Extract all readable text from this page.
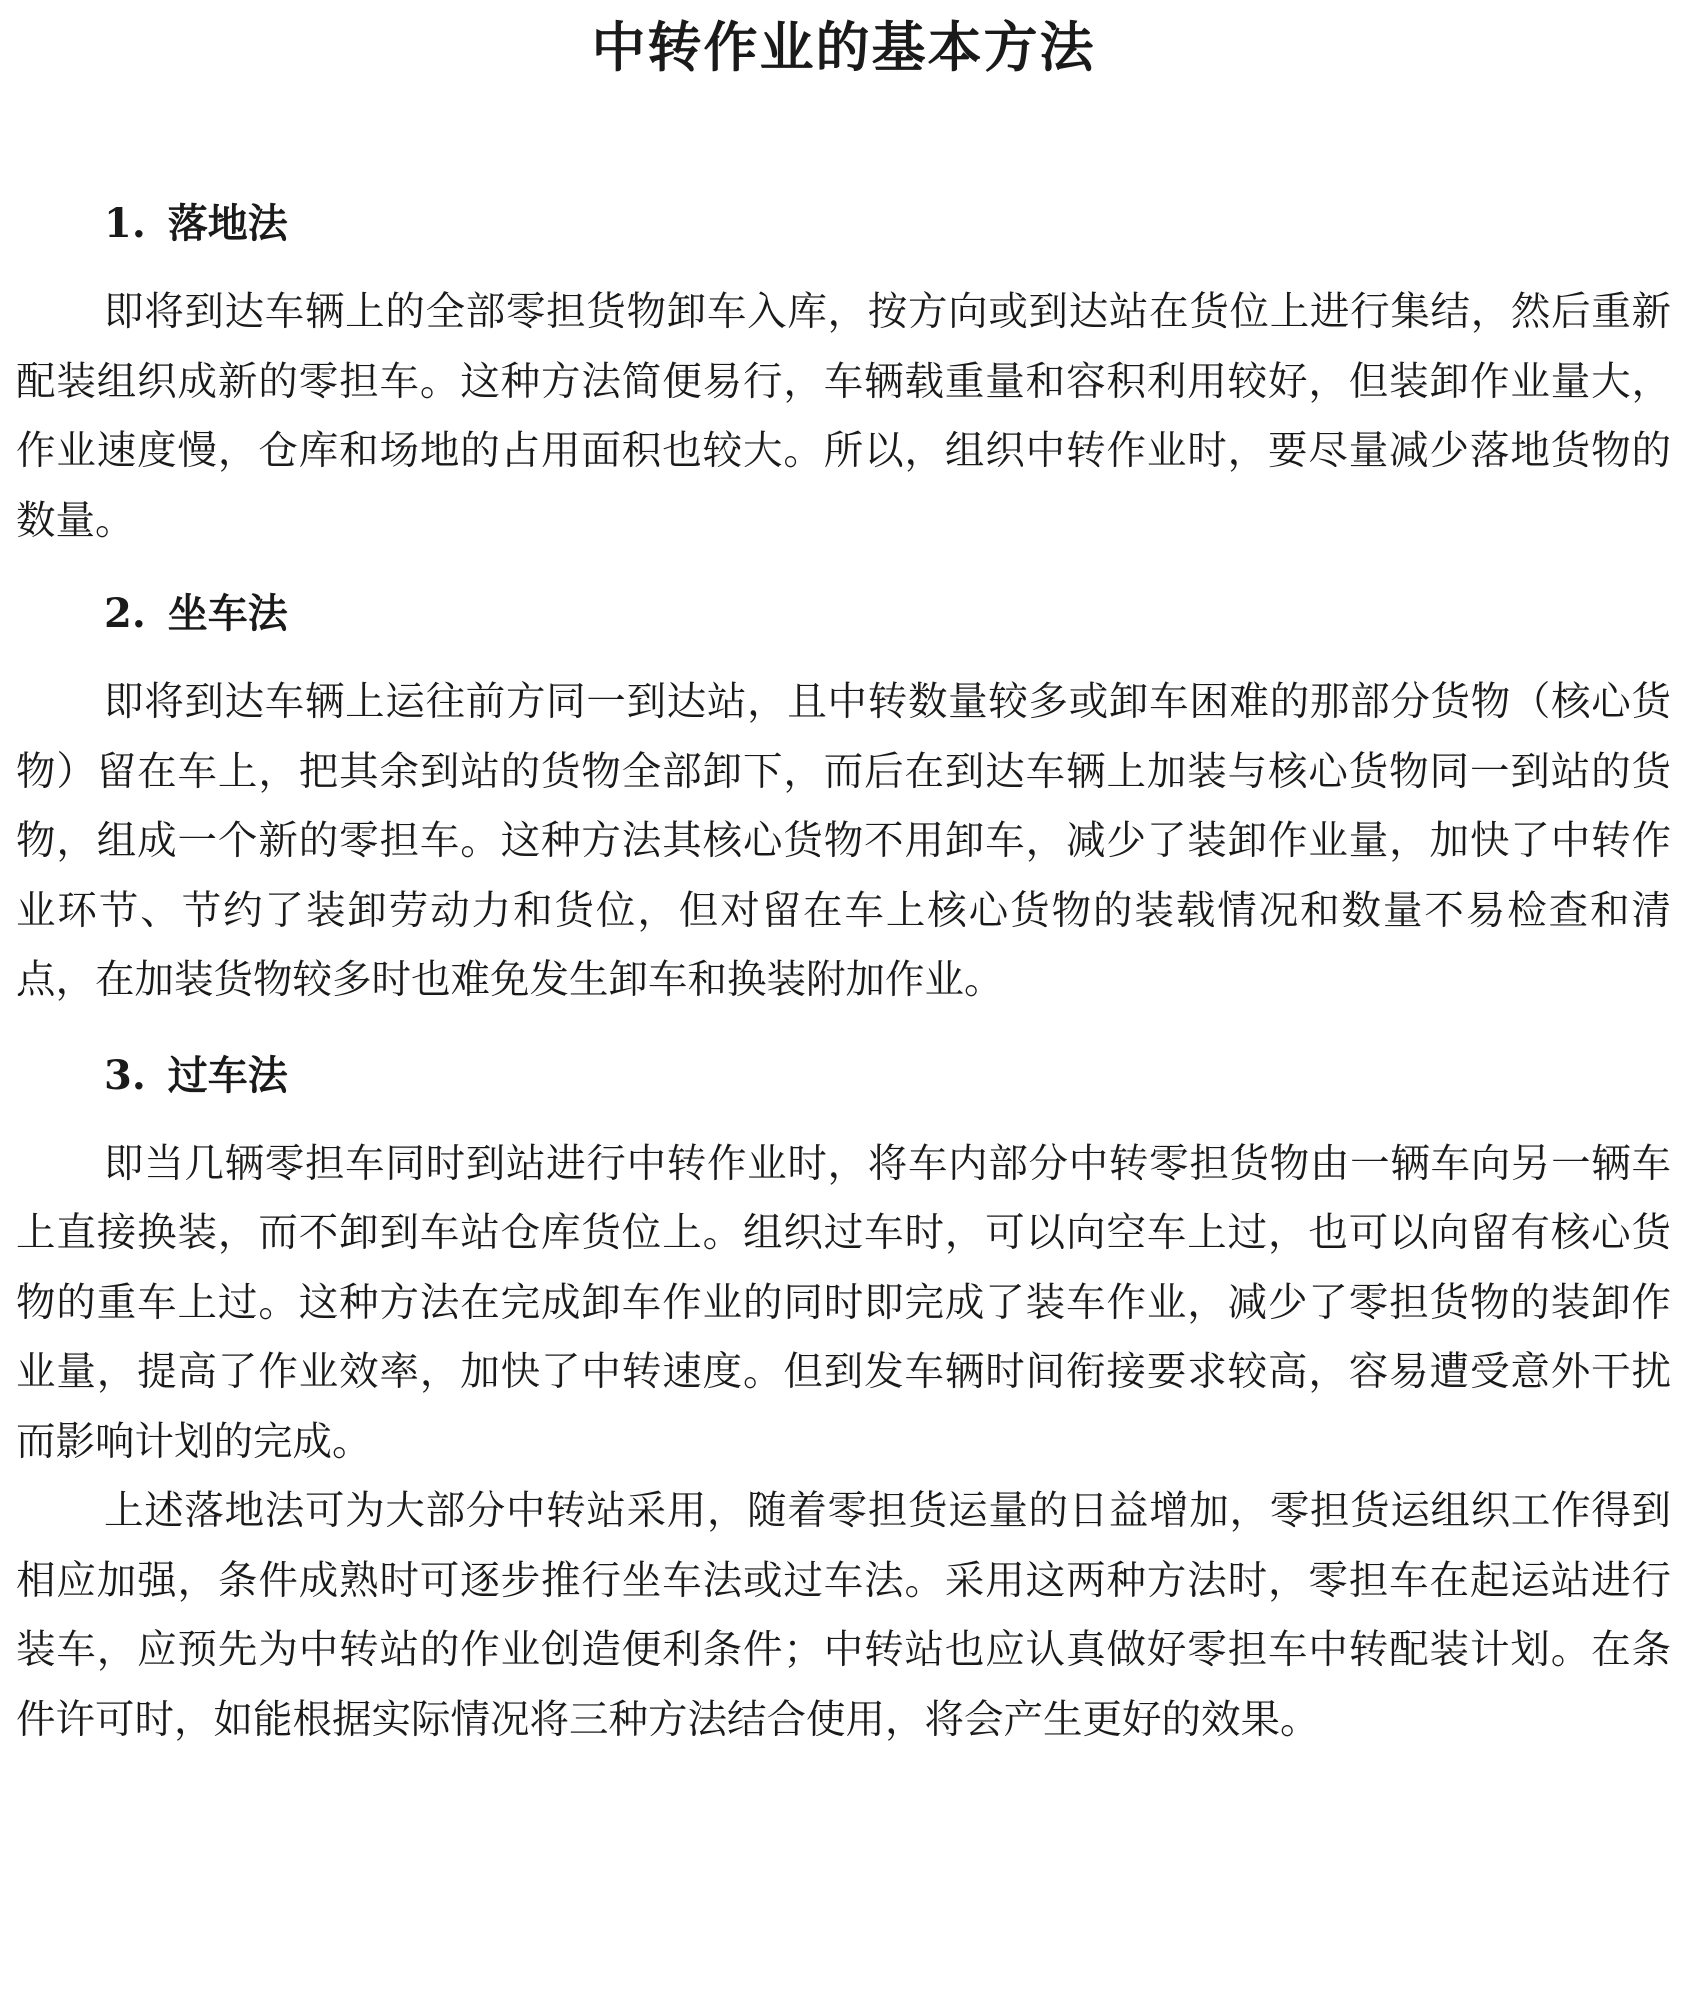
中转作业的基本方法
1. 落地法

即将到达车辆上的全部零担货物卸车入库，按方向或到达站在货位上进行集结，然后重新配装组织成新的零担车。这种方法简便易行，车辆载重量和容积利用较好，但装卸作业量大，作业速度慢，仓库和场地的占用面积也较大。所以，组织中转作业时，要尽量减少落地货物的数量。

2. 坐车法

即将到达车辆上运往前方同一到达站，且中转数量较多或卸车困难的那部分货物（核心货物）留在车上，把其余到站的货物全部卸下，而后在到达车辆上加装与核心货物同一到站的货物，组成一个新的零担车。这种方法其核心货物不用卸车，减少了装卸作业量，加快了中转作业环节、节约了装卸劳动力和货位，但对留在车上核心货物的装载情况和数量不易检查和清点，在加装货物较多时也难免发生卸车和换装附加作业。

3. 过车法

即当几辆零担车同时到站进行中转作业时，将车内部分中转零担货物由一辆车向另一辆车上直接换装，而不卸到车站仓库货位上。组织过车时，可以向空车上过，也可以向留有核心货物的重车上过。这种方法在完成卸车作业的同时即完成了装车作业，减少了零担货物的装卸作业量，提高了作业效率，加快了中转速度。但到发车辆时间衔接要求较高，容易遭受意外干扰而影响计划的完成。

上述落地法可为大部分中转站采用，随着零担货运量的日益增加，零担货运组织工作得到相应加强，条件成熟时可逐步推行坐车法或过车法。采用这两种方法时，零担车在起运站进行装车，应预先为中转站的作业创造便利条件；中转站也应认真做好零担车中转配装计划。在条件许可时，如能根据实际情况将三种方法结合使用，将会产生更好的效果。
